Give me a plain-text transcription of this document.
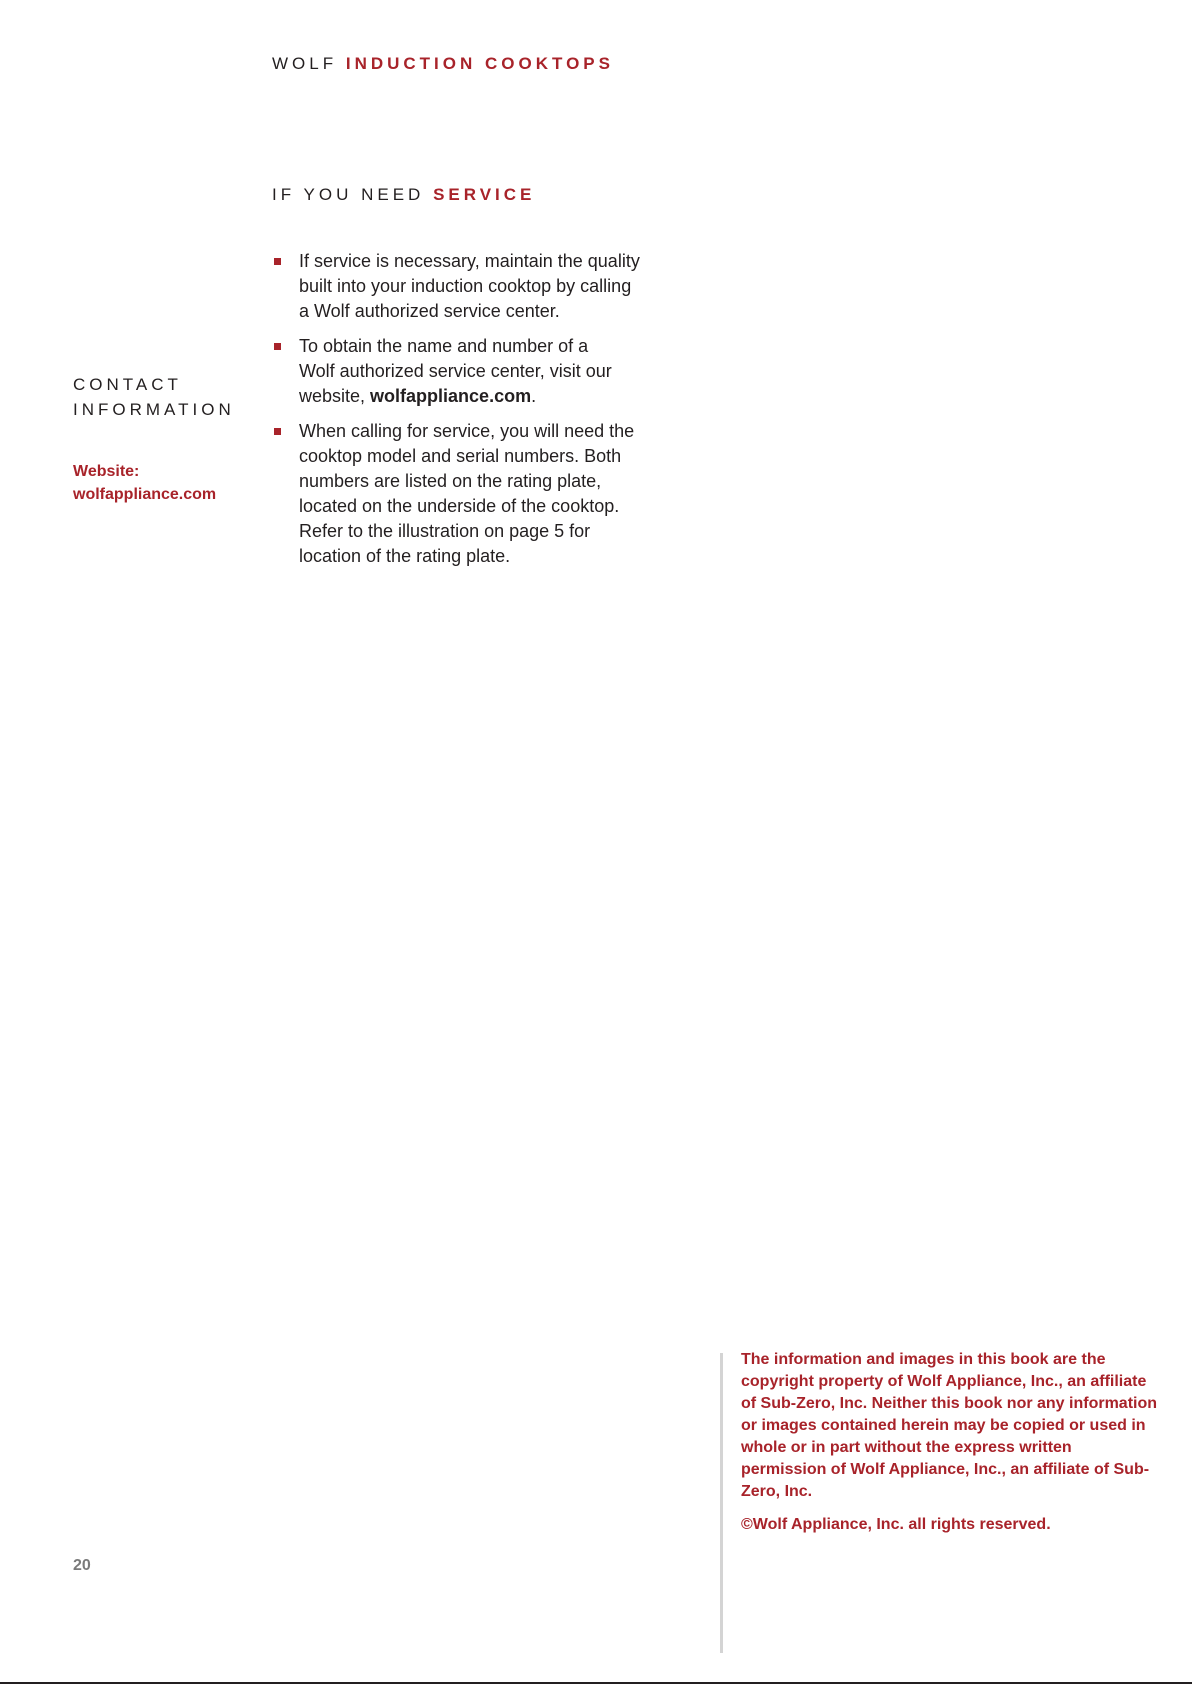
WOLF INDUCTION COOKTOPS
IF YOU NEED SERVICE
CONTACT
INFORMATION
Website:
wolfappliance.com
If service is necessary, maintain the quality
built into your induction cooktop by calling
a Wolf authorized service center.
To obtain the name and number of a
Wolf authorized service center, visit our
website, wolfappliance.com.
When calling for service, you will need the
cooktop model and serial numbers. Both
numbers are listed on the rating plate,
located on the underside of the cooktop.
Refer to the illustration on page 5 for
location of the rating plate.

The information and images in this book are the copyright property of Wolf Appliance, Inc., an affiliate of Sub-Zero, Inc. Neither this book nor any information or images contained herein may be copied or used in whole or in part without the express written permission of Wolf Appliance, Inc., an affiliate of Sub-Zero, Inc.

©Wolf Appliance, Inc. all rights reserved.

20
